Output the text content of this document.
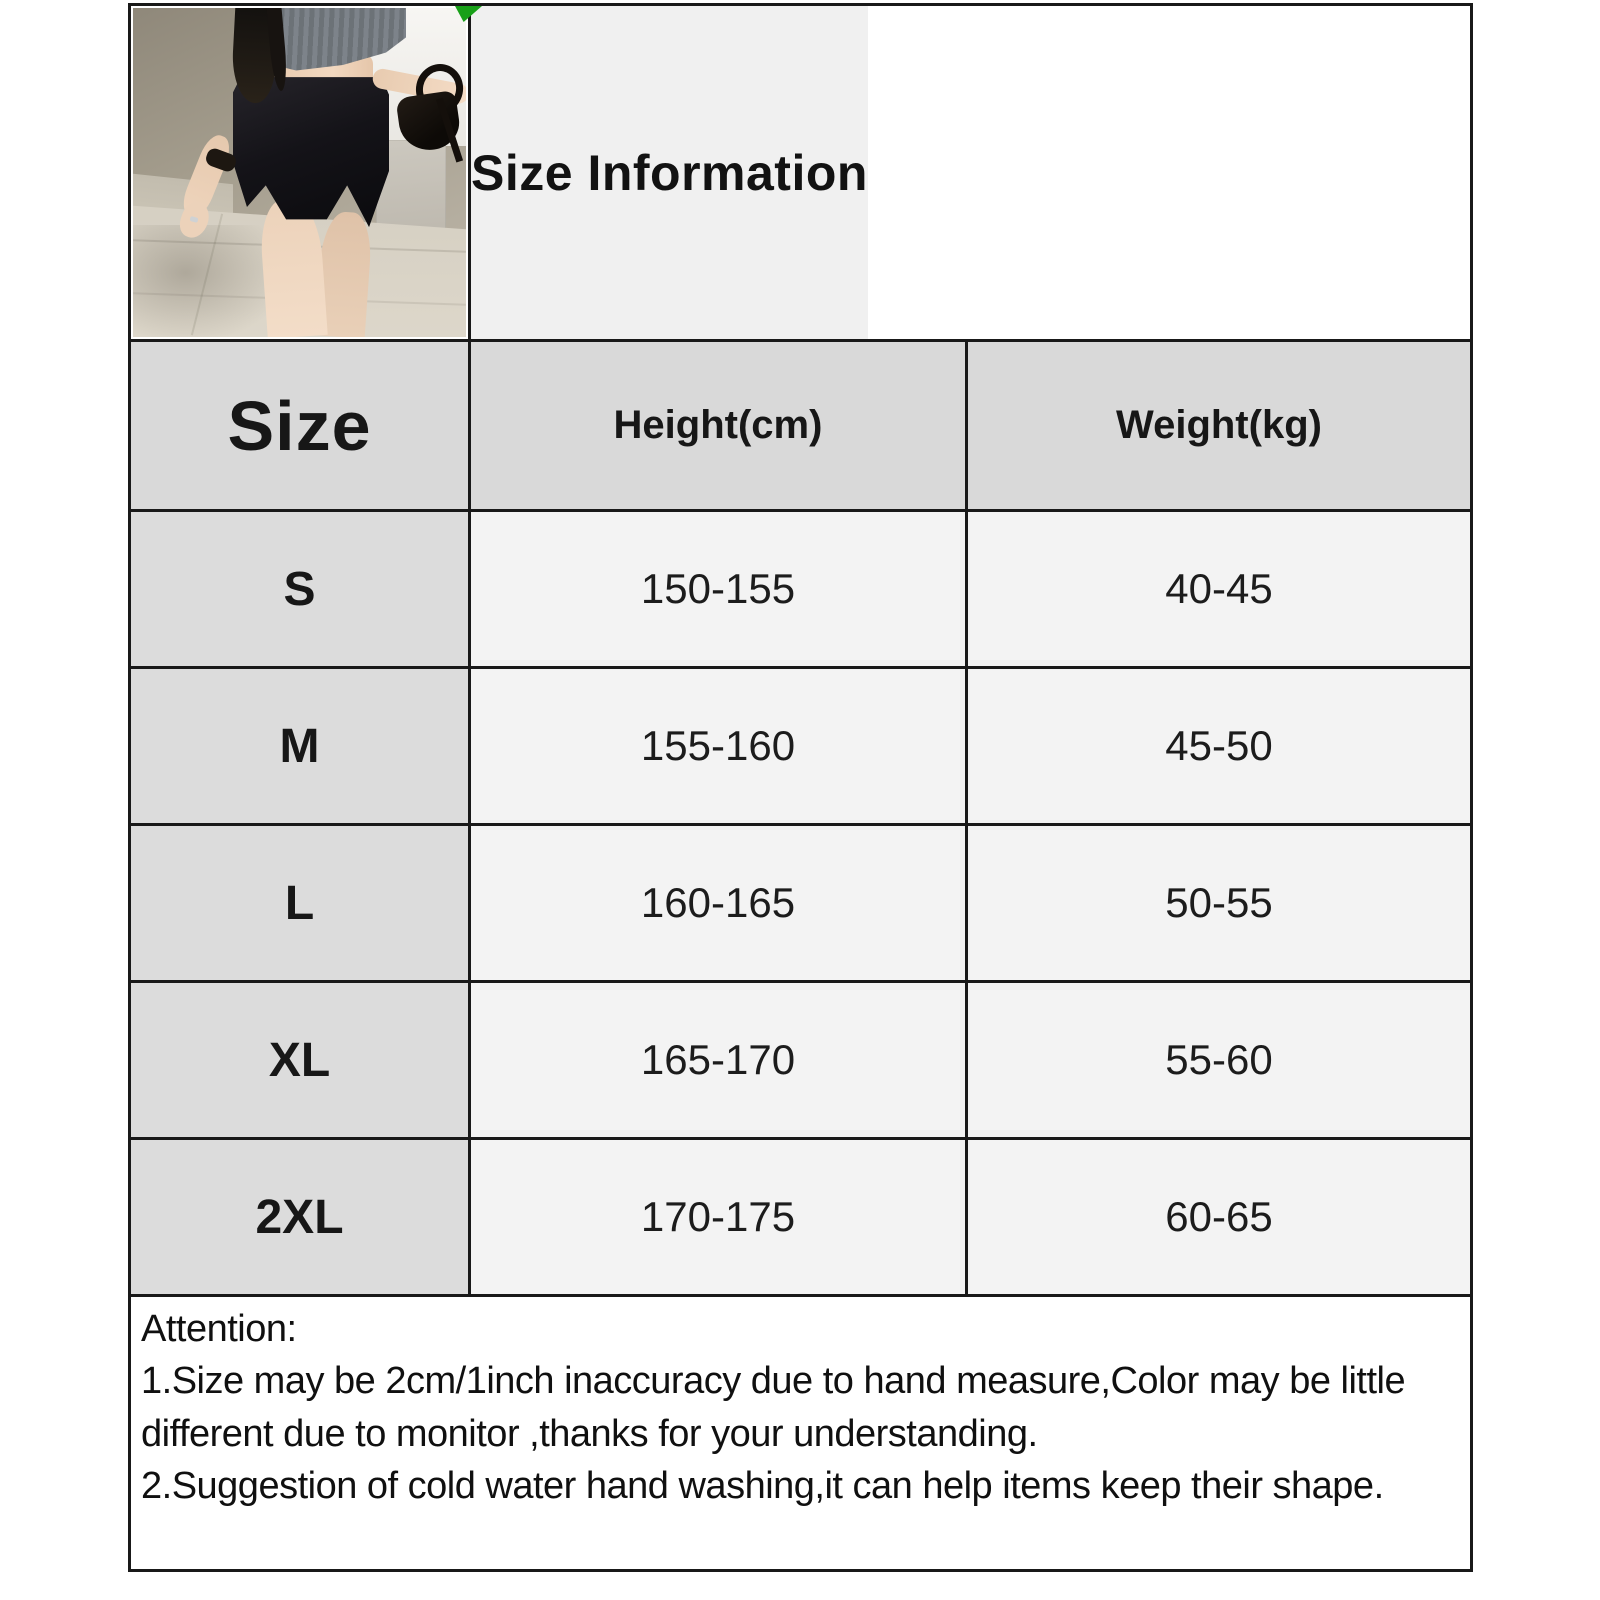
Size Information
Size	Height(cm)	Weight(kg)
S	150-155	40-45
M	155-160	45-50
L	160-165	50-55
XL	165-170	55-60
2XL	170-175	60-65

Attention:

1.Size may be 2cm/1inch inaccuracy due to hand measure,Color may be little different due to monitor ,thanks for your understanding.

2.Suggestion of cold water hand washing,it can help items keep their shape.
